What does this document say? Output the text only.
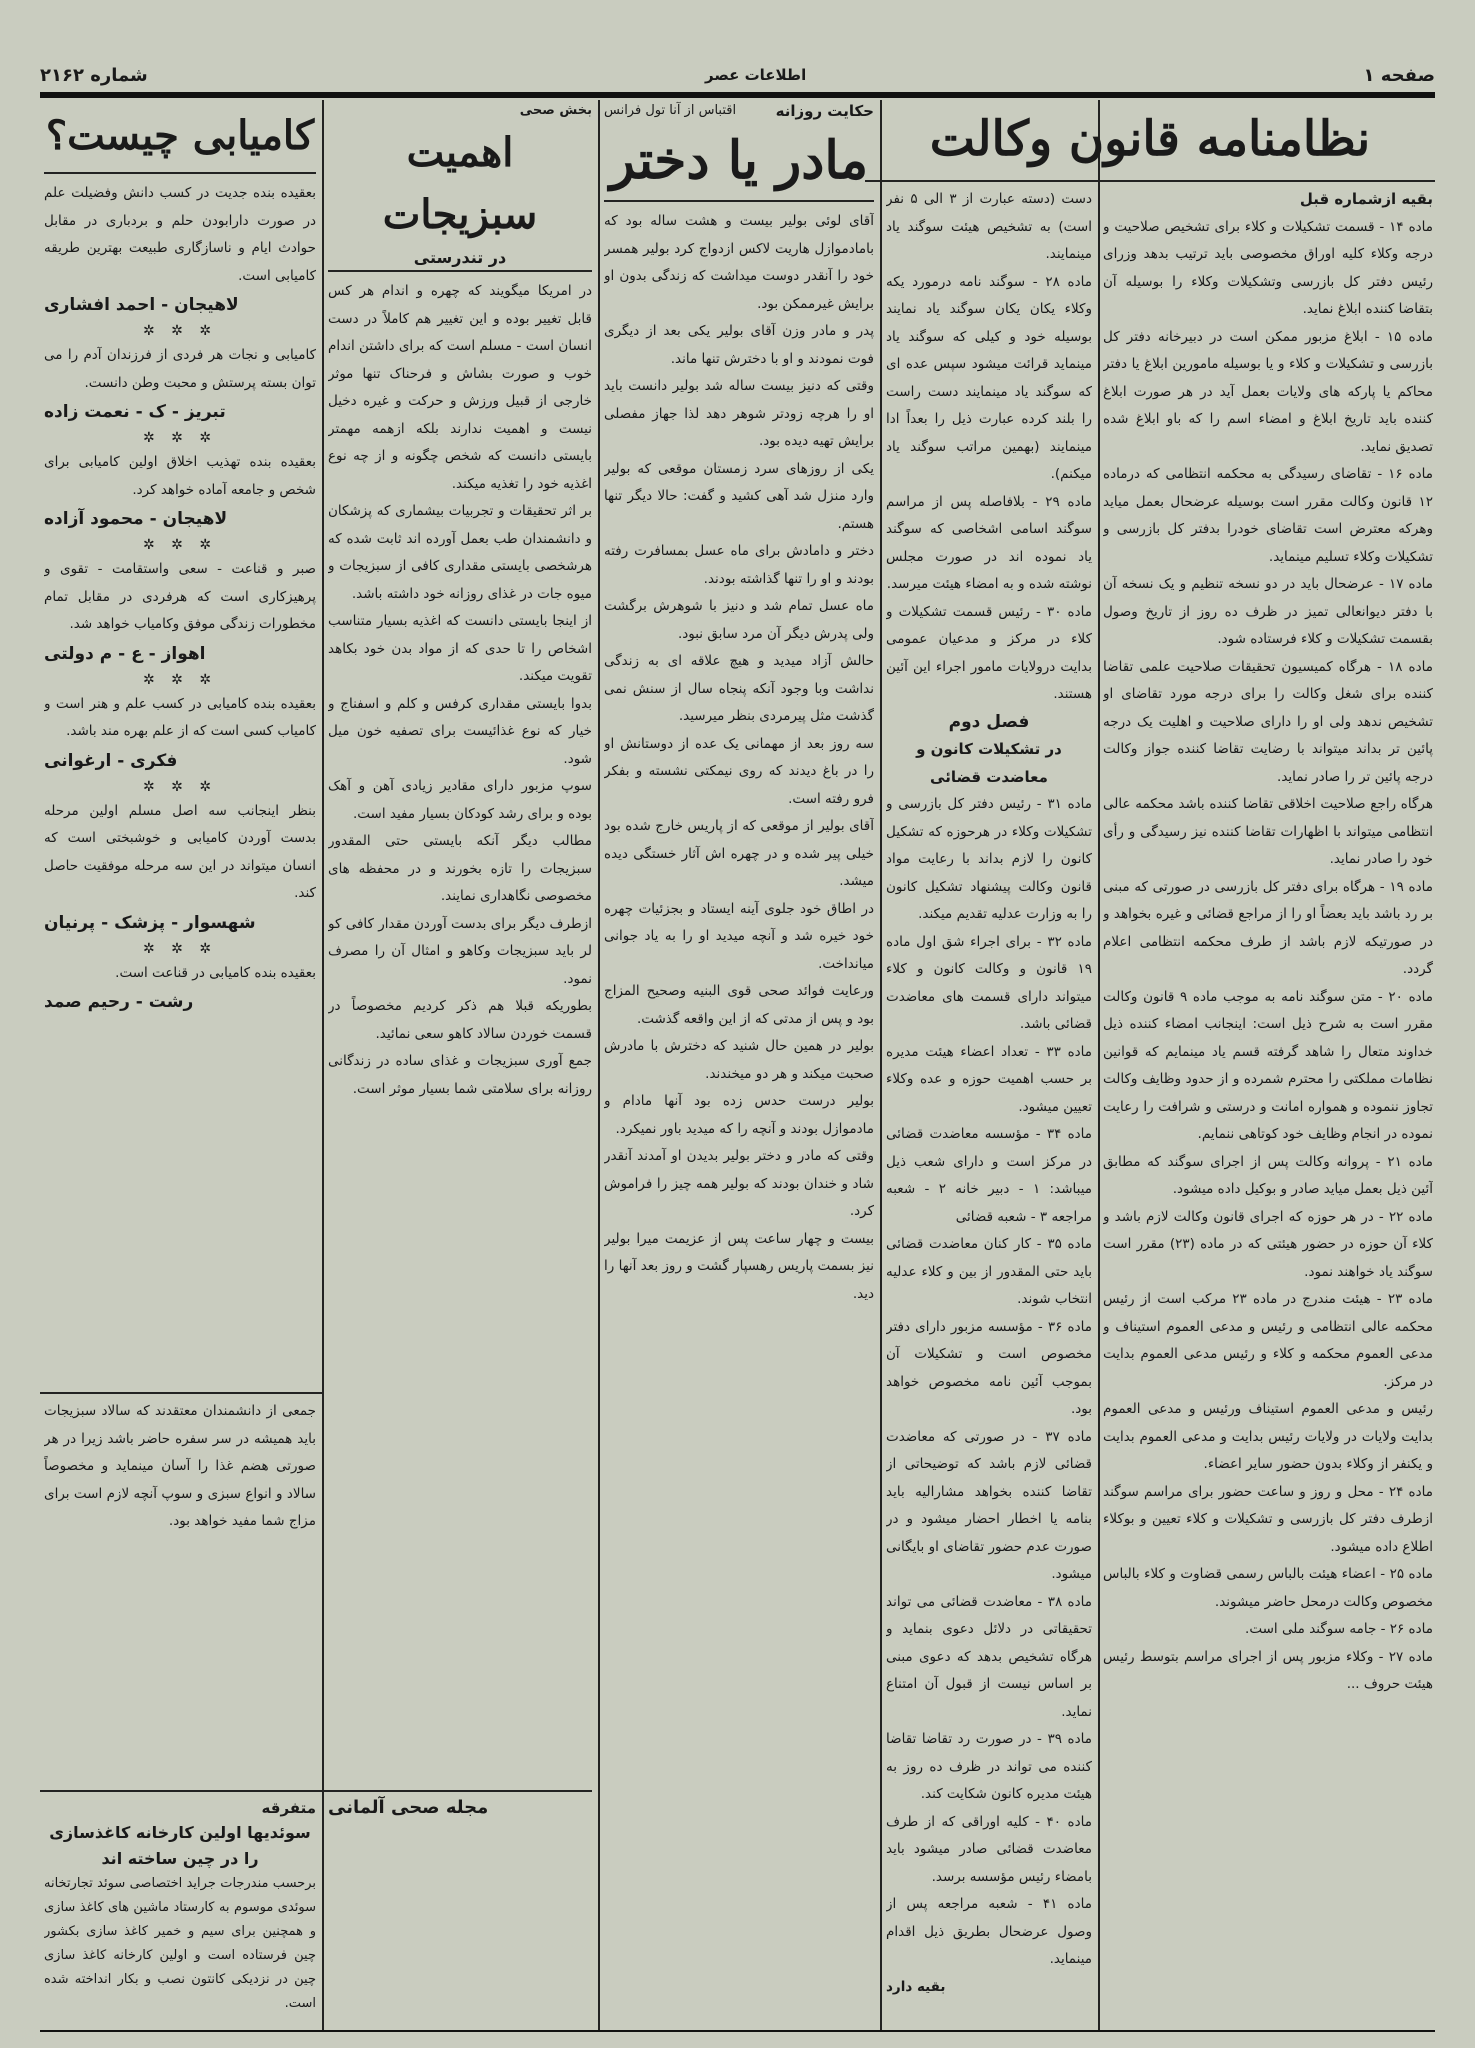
صفحه ۱
اطلاعات عصر
شماره ۲۱۶۲
نظامنامه قانون وکالت

بقیه ازشماره قبل

ماده ۱۴ - قسمت تشکیلات و کلاء برای تشخیص صلاحیت و درجه وکلاء کلیه اوراق مخصوصی باید ترتیب بدهد وزرای رئیس دفتر کل بازرسی وتشکیلات وکلاء را بوسیله آن بتقاضا کننده ابلاغ نماید.

ماده ۱۵ - ابلاغ مزبور ممکن است در دبیرخانه دفتر کل بازرسی و تشکیلات و کلاء و یا بوسیله مامورین ابلاغ یا دفتر محاکم یا پارکه های ولایات بعمل آید در هر صورت ابلاغ کننده باید تاریخ ابلاغ و امضاء اسم را که باو ابلاغ شده تصدیق نماید.

ماده ۱۶ - تقاضای رسیدگی به محکمه انتظامی که درماده ۱۲ قانون وکالت مقرر است بوسیله عرضحال بعمل میاید وهرکه معترض است تقاضای خودرا بدفتر کل بازرسی و تشکیلات وکلاء تسلیم مینماید.

ماده ۱۷ - عرضحال باید در دو نسخه تنظیم و یک نسخه آن با دفتر دیوانعالی تمیز در ظرف ده روز از تاریخ وصول بقسمت تشکیلات و کلاء فرستاده شود.

ماده ۱۸ - هرگاه کمیسیون تحقیقات صلاحیت علمی تقاضا کننده برای شغل وکالت را برای درجه مورد تقاضای او تشخیص ندهد ولی او را دارای صلاحیت و اهلیت یک درجه پائین تر بداند میتواند با رضایت تقاضا کننده جواز وکالت درجه پائین تر را صادر نماید.

هرگاه راجع صلاحیت اخلاقی تقاضا کننده باشد محکمه عالی انتظامی میتواند با اظهارات تقاضا کننده نیز رسیدگی و رأی خود را صادر نماید.

ماده ۱۹ - هرگاه برای دفتر کل بازرسی در صورتی که مبنی بر رد باشد باید بعضاً او را از مراجع قضائی و غیره بخواهد و در صورتیکه لازم باشد از طرف محکمه انتظامی اعلام گردد.

ماده ۲۰ - متن سوگند نامه به موجب ماده ۹ قانون وکالت مقرر است به شرح ذیل است: اینجانب امضاء کننده ذیل خداوند متعال را شاهد گرفته قسم یاد مینمایم که قوانین نظامات مملکتی را محترم شمرده و از حدود وظایف وکالت تجاوز ننموده و همواره امانت و درستی و شرافت را رعایت نموده در انجام وظایف خود کوتاهی ننمایم.

ماده ۲۱ - پروانه وکالت پس از اجرای سوگند که مطابق آئین ذیل بعمل میاید صادر و بوکیل داده میشود.

ماده ۲۲ - در هر حوزه که اجرای قانون وکالت لازم باشد و کلاء آن حوزه در حضور هیئتی که در ماده (۲۳) مقرر است سوگند یاد خواهند نمود.

ماده ۲۳ - هیئت مندرج در ماده ۲۳ مرکب است از رئیس محکمه عالی انتظامی و رئیس و مدعی العموم استیناف و مدعی العموم محکمه و کلاء و رئیس مدعی العموم بدایت در مرکز.

رئیس و مدعی العموم استیناف ورئیس و مدعی العموم بدایت ولایات در ولایات رئیس بدایت و مدعی العموم بدایت و یکنفر از وکلاء بدون حضور سایر اعضاء.

ماده ۲۴ - محل و روز و ساعت حضور برای مراسم سوگند ازطرف دفتر کل بازرسی و تشکیلات و کلاء تعیین و بوکلاء اطلاع داده میشود.

ماده ۲۵ - اعضاء هیئت بالباس رسمی قضاوت و کلاء بالباس مخصوص وکالت درمحل حاضر میشوند.

ماده ۲۶ - جامه سوگند ملی است.

ماده ۲۷ - وکلاء مزبور پس از اجرای مراسم بتوسط رئیس هیئت حروف ...

دست (دسته عبارت از ۳ الی ۵ نفر است) به تشخیص هیئت سوگند یاد مینمایند.

ماده ۲۸ - سوگند نامه درمورد یکه وکلاء یکان یکان سوگند یاد نمایند بوسیله خود و کیلی که سوگند یاد مینماید قرائت میشود سپس عده ای که سوگند یاد مینمایند دست راست را بلند کرده عبارت ذیل را بعداً ادا مینمایند (بهمین مراتب سوگند یاد میکنم).

ماده ۲۹ - بلافاصله پس از مراسم سوگند اسامی اشخاصی که سوگند یاد نموده اند در صورت مجلس نوشته شده و به امضاء هیئت میرسد.

ماده ۳۰ - رئیس قسمت تشکیلات و کلاء در مرکز و مدعیان عمومی بدایت درولایات مامور اجراء این آئین هستند.

فصل دوم

در تشکیلات کانون و معاضدت قضائی

ماده ۳۱ - رئیس دفتر کل بازرسی و تشکیلات وکلاء در هرحوزه که تشکیل کانون را لازم بداند با رعایت مواد قانون وکالت پیشنهاد تشکیل کانون را به وزارت عدلیه تقدیم میکند.

ماده ۳۲ - برای اجراء شق اول ماده ۱۹ قانون و وکالت کانون و کلاء میتواند دارای قسمت های معاضدت قضائی باشد.

ماده ۳۳ - تعداد اعضاء هیئت مدیره بر حسب اهمیت حوزه و عده وکلاء تعیین میشود.

ماده ۳۴ - مؤسسه معاضدت قضائی در مرکز است و دارای شعب ذیل میباشد: ۱ - دبیر خانه ۲ - شعبه مراجعه ۳ - شعبه قضائی

ماده ۳۵ - کار کنان معاضدت قضائی باید حتی المقدور از بین و کلاء عدلیه انتخاب شوند.

ماده ۳۶ - مؤسسه مزبور دارای دفتر مخصوص است و تشکیلات آن بموجب آئین نامه مخصوص خواهد بود.

ماده ۳۷ - در صورتی که معاضدت قضائی لازم باشد که توضیحاتی از تقاضا کننده بخواهد مشارالیه باید بنامه یا اخطار احضار میشود و در صورت عدم حضور تقاضای او بایگانی میشود.

ماده ۳۸ - معاضدت قضائی می تواند تحقیقاتی در دلائل دعوی بنماید و هرگاه تشخیص بدهد که دعوی مبنی بر اساس نیست از قبول آن امتناع نماید.

ماده ۳۹ - در صورت رد تقاضا تقاضا کننده می تواند در ظرف ده روز به هیئت مدیره کانون شکایت کند.

ماده ۴۰ - کلیه اوراقی که از طرف معاضدت قضائی صادر میشود باید بامضاء رئیس مؤسسه برسد.

ماده ۴۱ - شعبه مراجعه پس از وصول عرضحال بطریق ذیل اقدام مینماید.

بقیه دارد

حکایت روزانه
اقتباس از آنا تول فرانس
مادر یا دختر

آقای لوئی بولیر بیست و هشت ساله بود که بامادموازل هاریت لاکس ازدواج کرد بولیر همسر خود را آنقدر دوست میداشت که زندگی بدون او برایش غیرممکن بود.

پدر و مادر وزن آقای بولیر یکی بعد از دیگری فوت نمودند و او با دخترش تنها ماند.

وقتی که دنیز بیست ساله شد بولیر دانست باید او را هرچه زودتر شوهر دهد لذا جهاز مفصلی برایش تهیه دیده بود.

یکی از روزهای سرد زمستان موقعی که بولیر وارد منزل شد آهی کشید و گفت: حالا دیگر تنها هستم.

دختر و دامادش برای ماه عسل بمسافرت رفته بودند و او را تنها گذاشته بودند.

ماه عسل تمام شد و دنیز با شوهرش برگشت ولی پدرش دیگر آن مرد سابق نبود.

حالش آزاد میدید و هیچ علاقه ای به زندگی نداشت وبا وجود آنکه پنجاه سال از سنش نمی گذشت مثل پیرمردی بنظر میرسید.

سه روز بعد از مهمانی یک عده از دوستانش او را در باغ دیدند که روی نیمکتی نشسته و بفکر فرو رفته است.

آقای بولیر از موقعی که از پاریس خارج شده بود خیلی پیر شده و در چهره اش آثار خستگی دیده میشد.

در اطاق خود جلوی آینه ایستاد و بجزئیات چهره خود خیره شد و آنچه میدید او را به یاد جوانی میانداخت.

ورعایت فوائد صحی قوی البنیه وصحیح المزاج بود و پس از مدتی که از این واقعه گذشت.

بولیر در همین حال شنید که دخترش با مادرش صحبت میکند و هر دو میخندند.

بولیر درست حدس زده بود آنها مادام و مادموازل بودند و آنچه را که میدید باور نمیکرد.

وقتی که مادر و دختر بولیر بدیدن او آمدند آنقدر شاد و خندان بودند که بولیر همه چیز را فراموش کرد.

بیست و چهار ساعت پس از عزیمت میرا بولیر نیز بسمت پاریس رهسپار گشت و روز بعد آنها را دید.

بخش صحی
اهمیت سبزیجات
در تندرستی

در امریکا میگویند که چهره و اندام هر کس قابل تغییر بوده و این تغییر هم کاملاً در دست انسان است - مسلم است که برای داشتن اندام خوب و صورت بشاش و فرحناک تنها موثر خارجی از قبیل ورزش و حرکت و غیره دخیل نیست و اهمیت ندارند بلکه ازهمه مهمتر بایستی دانست که شخص چگونه و از چه نوع اغذیه خود را تغذیه میکند.

بر اثر تحقیقات و تجربیات بیشماری که پزشکان و دانشمندان طب بعمل آورده اند ثابت شده که هرشخصی بایستی مقداری کافی از سبزیجات و میوه جات در غذای روزانه خود داشته باشد.

از اینجا بایستی دانست که اغذیه بسیار متناسب اشخاص را تا حدی که از مواد بدن خود بکاهد تقویت میکند.

بدوا بایستی مقداری کرفس و کلم و اسفناج و خیار که نوع غذائیست برای تصفیه خون میل شود.

سوپ مزبور دارای مقادیر زیادی آهن و آهک بوده و برای رشد کودکان بسیار مفید است.

مطالب دیگر آنکه بایستی حتی المقدور سبزیجات را تازه بخورند و در محفظه های مخصوصی نگاهداری نمایند.

ازطرف دیگر برای بدست آوردن مقدار کافی کو لر باید سبزیجات وکاهو و امثال آن را مصرف نمود.

بطوریکه قبلا هم ذکر کردیم مخصوصاً در قسمت خوردن سالاد کاهو سعی نمائید.

جمع آوری سبزیجات و غذای ساده در زندگانی روزانه برای سلامتی شما بسیار موثر است.

مجله صحی آلمانی
کامیابی چیست؟

بعقیده بنده جدیت در کسب دانش وفضیلت علم در صورت دارابودن حلم و بردباری در مقابل حوادث ایام و ناسازگاری طبیعت بهترین طریقه کامیابی است.

لاهیجان - احمد افشاری

✲ ✲ ✲

کامیابی و نجات هر فردی از فرزندان آدم را می توان بسته پرستش و محبت وطن دانست.

تبریز - ک - نعمت زاده

✲ ✲ ✲

بعقیده بنده تهذیب اخلاق اولین کامیابی برای شخص و جامعه آماده خواهد کرد.

لاهیجان - محمود آزاده

✲ ✲ ✲

صبر و قناعت - سعی واستقامت - تقوی و پرهیزکاری است که هرفردی در مقابل تمام مخطورات زندگی موفق وکامیاب خواهد شد.

اهواز - ع - م دولتی

✲ ✲ ✲

بعقیده بنده کامیابی در کسب علم و هنر است و کامیاب کسی است که از علم بهره مند باشد.

فکری - ارغوانی

✲ ✲ ✲

بنظر اینجانب سه اصل مسلم اولین مرحله بدست آوردن کامیابی و خوشبختی است که انسان میتواند در این سه مرحله موفقیت حاصل کند.

شهسوار - پزشک - پرنیان

✲ ✲ ✲

بعقیده بنده کامیابی در قناعت است.

رشت - رحیم صمد

جمعی از دانشمندان معتقدند که سالاد سبزیجات باید همیشه در سر سفره حاضر باشد زیرا در هر صورتی هضم غذا را آسان مینماید و مخصوصاً سالاد و انواع سبزی و سوپ آنچه لازم است برای مزاج شما مفید خواهد بود.

متفرقه
سوئدیها اولین کارخانه کاغذسازی را در چین ساخته اند

برحسب مندرجات جراید اختصاصی سوئد تجارتخانه سوئدی موسوم به کارستاد ماشین های کاغذ سازی و همچنین برای سیم و خمیر کاغذ سازی بکشور چین فرستاده است و اولین کارخانه کاغذ سازی چین در نزدیکی کانتون نصب و بکار انداخته شده است.
